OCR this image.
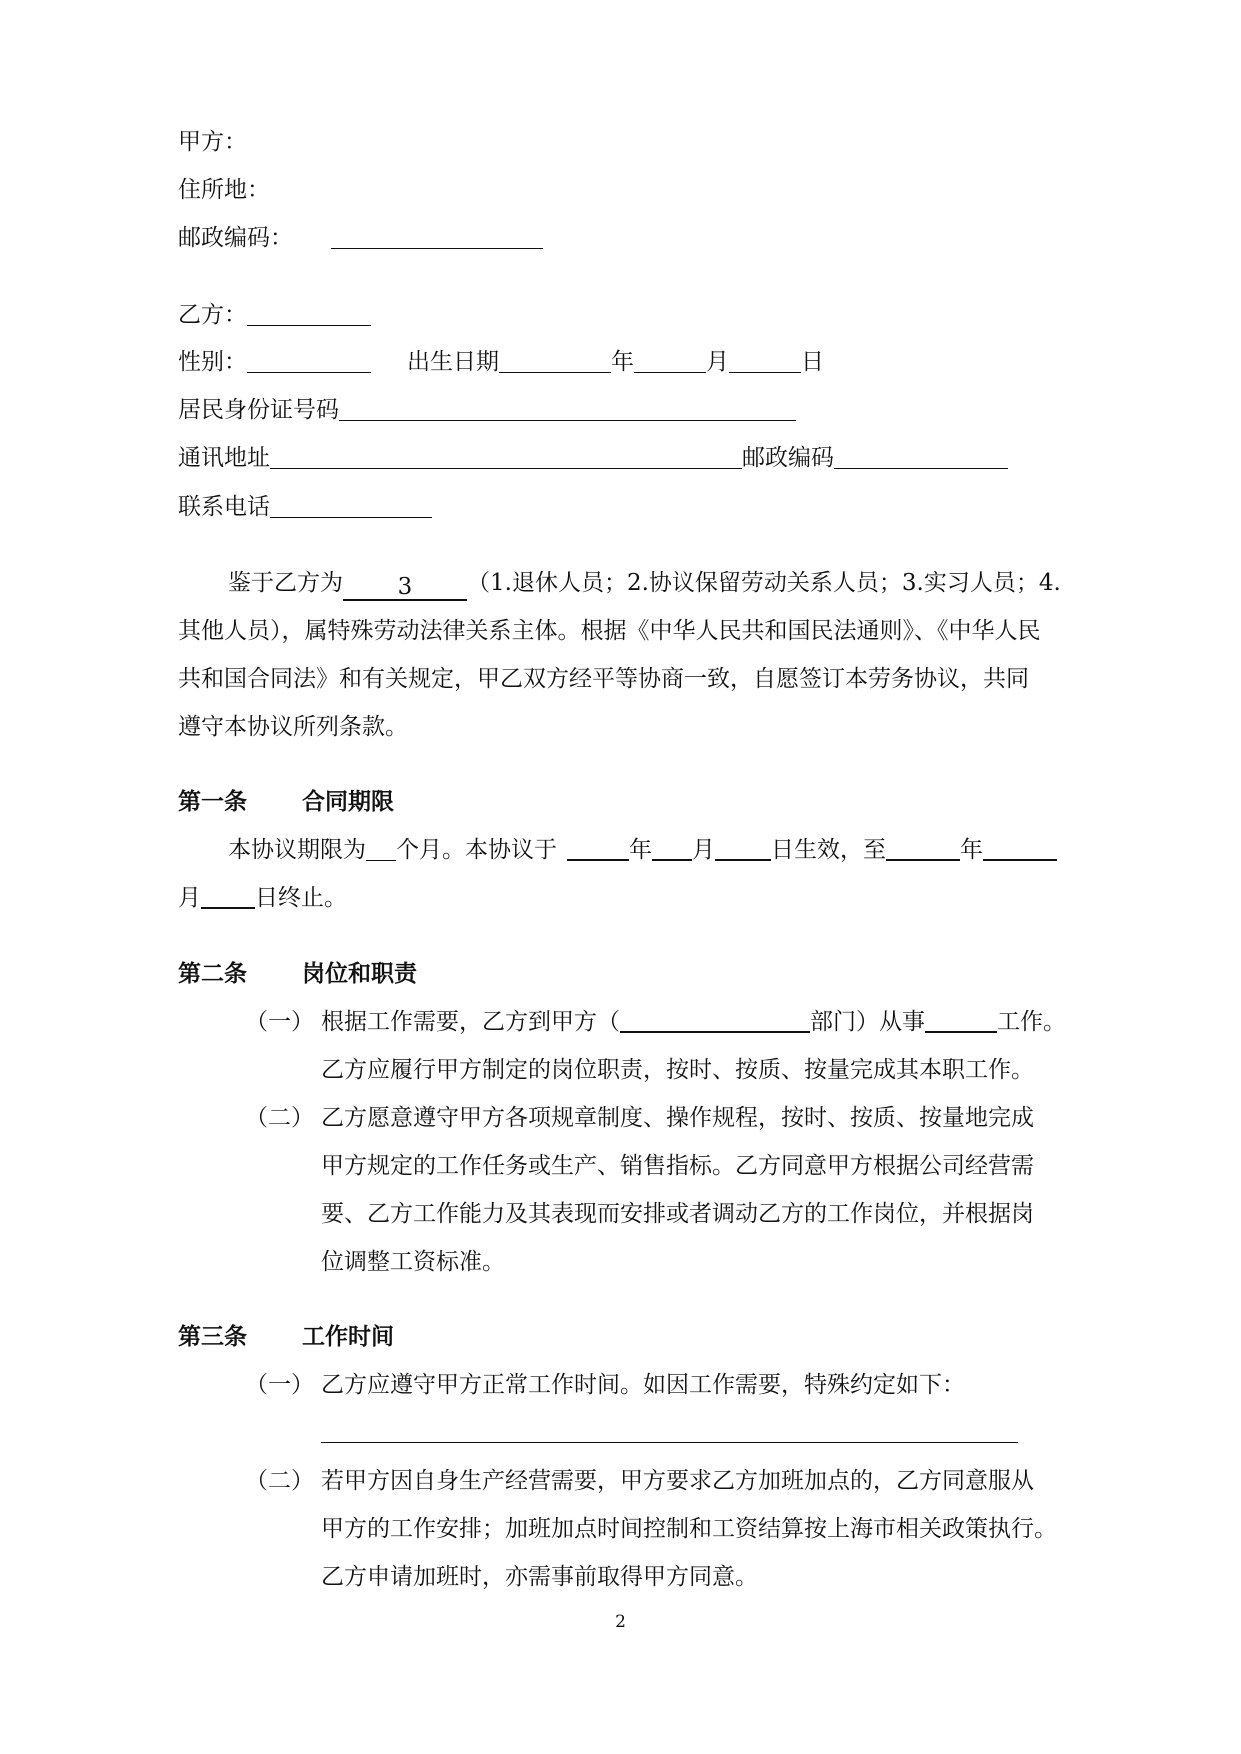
甲方：
住所地：
邮政编码：
乙方：
性别：	出生日期	年	月	日
居民身份证号码
通讯地址	邮政编码
联系电话
鉴于乙方为 3 （1.退休人员；2.协议保留劳动关系人员；3.实习人员；4.
其他人员），属特殊劳动法律关系主体。根据《中华人民共和国民法通则》、《中华人民
共和国合同法》和有关规定，甲乙双方经平等协商一致，自愿签订本劳务协议，共同
遵守本协议所列条款。
第一条 合同期限
本协议期限为 个月。本协议于	年 月 日生效，至	年
月 日终止。
第二条 岗位和职责
（一） 根据工作需要，乙方到甲方（	部门）从事	工作。
乙方应履行甲方制定的岗位职责，按时、按质、按量完成其本职工作。
（二） 乙方愿意遵守甲方各项规章制度、操作规程，按时、按质、按量地完成
甲方规定的工作任务或生产、销售指标。乙方同意甲方根据公司经营需
要、乙方工作能力及其表现而安排或者调动乙方的工作岗位，并根据岗
位调整工资标准。
第三条 工作时间
（一） 乙方应遵守甲方正常工作时间。如因工作需要，特殊约定如下：
（二） 若甲方因自身生产经营需要，甲方要求乙方加班加点的，乙方同意服从
甲方的工作安排；加班加点时间控制和工资结算按上海市相关政策执行。
乙方申请加班时，亦需事前取得甲方同意。
2
